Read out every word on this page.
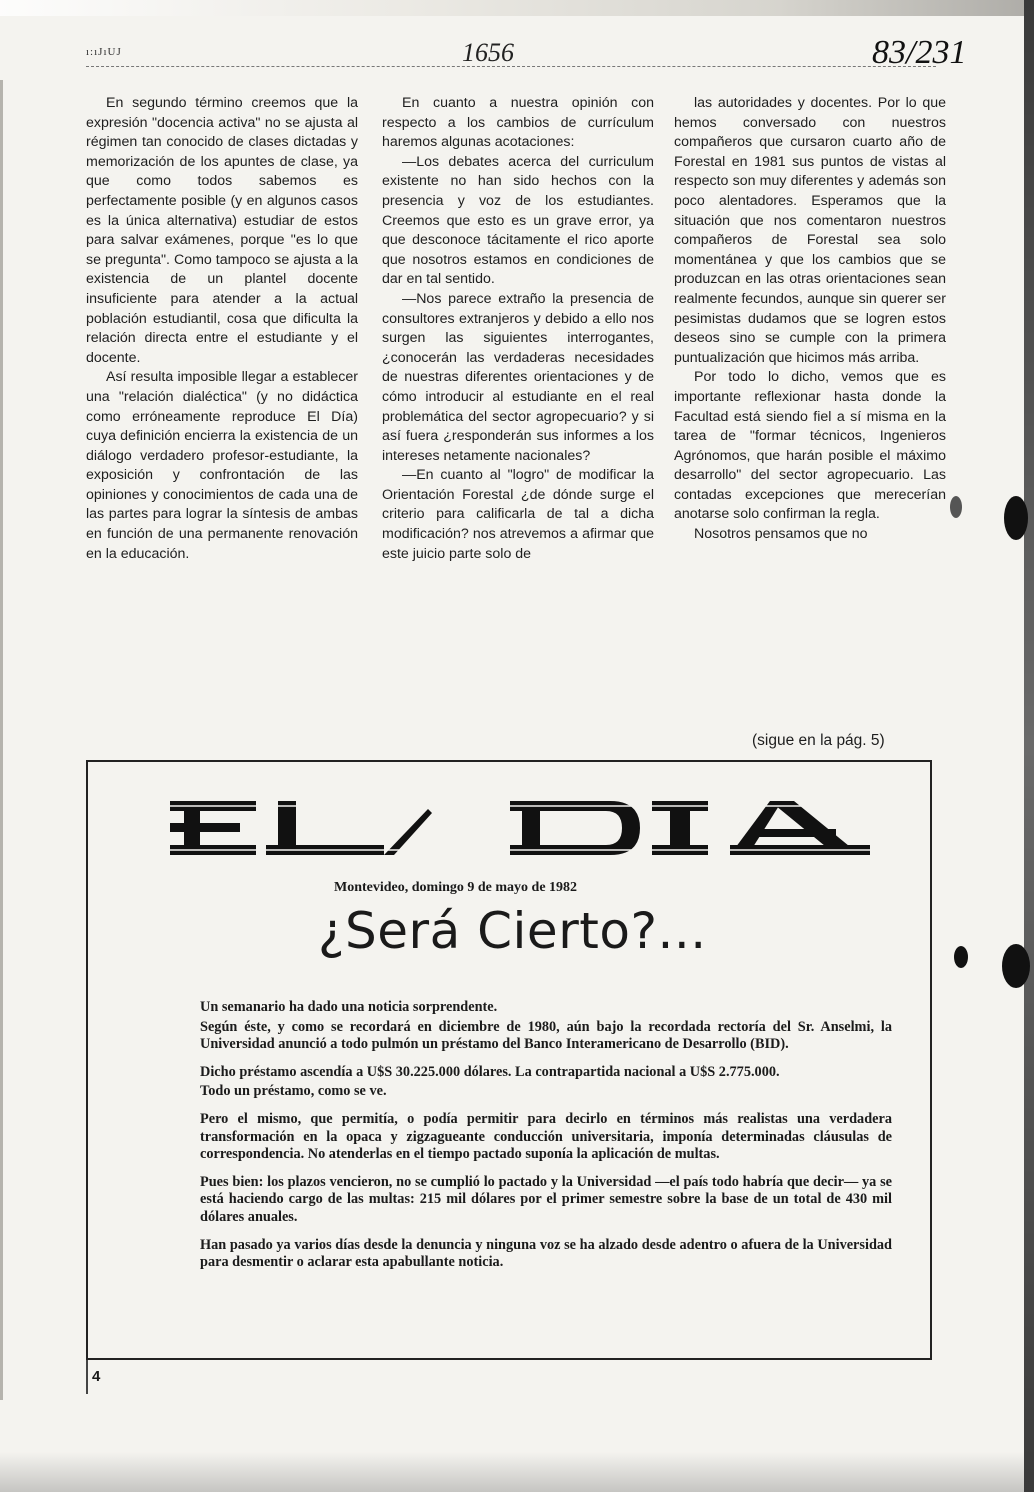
ı:ıJıUJ	1656	83/231

En segundo término creemos que la expresión "docencia activa" no se ajusta al régimen tan conocido de clases dictadas y memorización de los apuntes de clase, ya que como todos sabemos es perfectamente posible (y en algunos casos es la única alternativa) estudiar de estos para salvar exámenes, porque "es lo que se pregunta". Como tampoco se ajusta a la existencia de un plantel docente insuficiente para atender a la actual población estudiantil, cosa que dificulta la relación directa entre el estudiante y el docente.

Así resulta imposible llegar a establecer una "relación dialéctica" (y no didáctica como erróneamente reproduce El Día) cuya definición encierra la existencia de un diálogo verdadero profesor-estudiante, la exposición y confrontación de las opiniones y conocimientos de cada una de las partes para lograr la síntesis de ambas en función de una permanente renovación en la educación.

En cuanto a nuestra opinión con respecto a los cambios de currículum haremos algunas acotaciones:

—Los debates acerca del curriculum existente no han sido hechos con la presencia y voz de los estudiantes. Creemos que esto es un grave error, ya que desconoce tácitamente el rico aporte que nosotros estamos en condiciones de dar en tal sentido.

—Nos parece extraño la presencia de consultores extranjeros y debido a ello nos surgen las siguientes interrogantes, ¿conocerán las verdaderas necesidades de nuestras diferentes orientaciones y de cómo introducir al estudiante en el real problemática del sector agropecuario? y si así fuera ¿responderán sus informes a los intereses netamente nacionales?

—En cuanto al "logro" de modificar la Orientación Forestal ¿de dónde surge el criterio para calificarla de tal a dicha modificación? nos atrevemos a afirmar que este juicio parte solo de

las autoridades y docentes. Por lo que hemos conversado con nuestros compañeros que cursaron cuarto año de Forestal en 1981 sus puntos de vistas al respecto son muy diferentes y además son poco alentadores. Esperamos que la situación que nos comentaron nuestros compañeros de Forestal sea solo momentánea y que los cambios que se produzcan en las otras orientaciones sean realmente fecundos, aunque sin querer ser pesimistas dudamos que se logren estos deseos sino se cumple con la primera puntualización que hicimos más arriba.

Por todo lo dicho, vemos que es importante reflexionar hasta donde la Facultad está siendo fiel a sí misma en la tarea de "formar técnicos, Ingenieros Agrónomos, que harán posible el máximo desarrollo" del sector agropecuario. Las contadas excepciones que merecerían anotarse solo confirman la regla.

Nosotros pensamos que no

(sigue en la pág. 5)
Montevideo, domingo 9 de mayo de 1982
¿Será Cierto?...

Un semanario ha dado una noticia sorprendente.

Según éste, y como se recordará en diciembre de 1980, aún bajo la recordada rectoría del Sr. Anselmi, la Universidad anunció a todo pulmón un préstamo del Banco Interamericano de Desarrollo (BID).

Dicho préstamo ascendía a U$S 30.225.000 dólares. La contrapartida nacional a U$S 2.775.000.

Todo un préstamo, como se ve.

Pero el mismo, que permitía, o podía permitir para decirlo en términos más realistas una verdadera transformación en la opaca y zigzagueante conducción universitaria, imponía determinadas cláusulas de correspondencia. No atenderlas en el tiempo pactado suponía la aplicación de multas.

Pues bien: los plazos vencieron, no se cumplió lo pactado y la Universidad —el país todo habría que decir— ya se está haciendo cargo de las multas: 215 mil dólares por el primer semestre sobre la base de un total de 430 mil dólares anuales.

Han pasado ya varios días desde la denuncia y ninguna voz se ha alzado desde adentro o afuera de la Universidad para desmentir o aclarar esta apabullante noticia.

4
